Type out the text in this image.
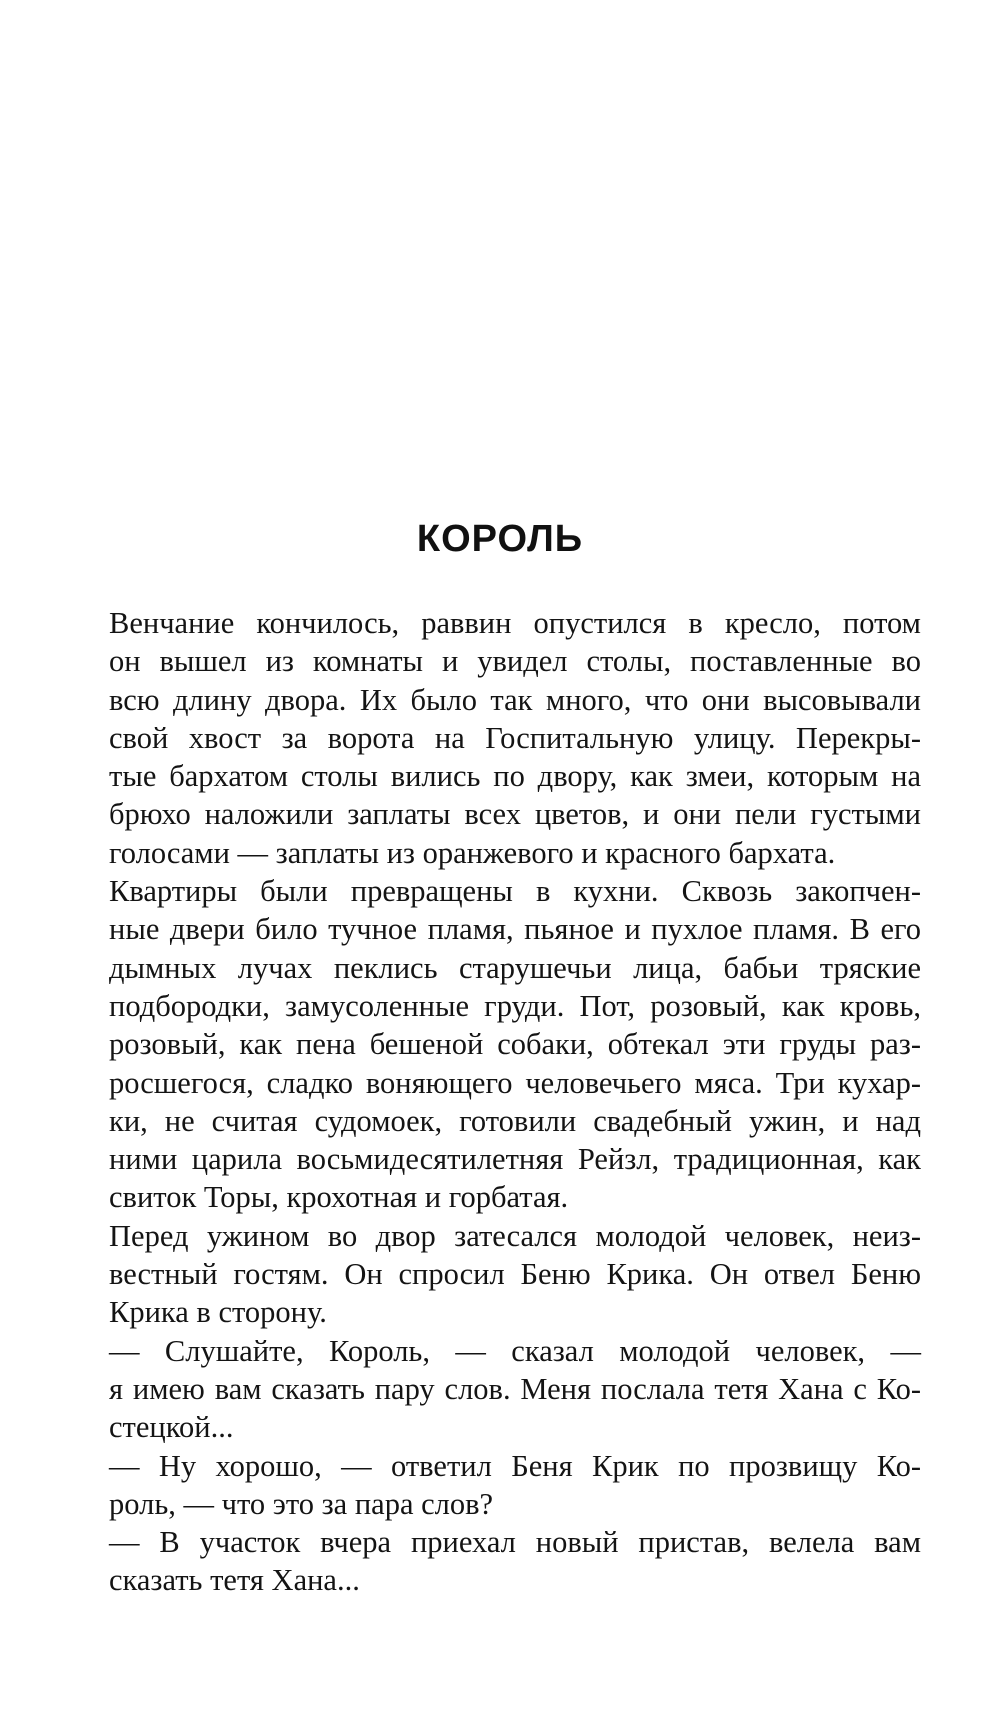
КОРОЛЬ
Венчание кончилось, раввин опустился в кресло, потом
он вышел из комнаты и увидел столы, поставленные во
всю длину двора. Их было так много, что они высовывали
свой хвост за ворота на Госпитальную улицу. Перекры-
тые бархатом столы вились по двору, как змеи, которым на
брюхо наложили заплаты всех цветов, и они пели густыми
голосами — заплаты из оранжевого и красного бархата.
Квартиры были превращены в кухни. Сквозь закопчен-
ные двери било тучное пламя, пьяное и пухлое пламя. В его
дымных лучах пеклись старушечьи лица, бабьи тряские
подбородки, замусоленные груди. Пот, розовый, как кровь,
розовый, как пена бешеной собаки, обтекал эти груды раз-
росшегося, сладко воняющего человечьего мяса. Три кухар-
ки, не считая судомоек, готовили свадебный ужин, и над
ними царила восьмидесятилетняя Рейзл, традиционная, как
свиток Торы, крохотная и горбатая.
Перед ужином во двор затесался молодой человек, неиз-
вестный гостям. Он спросил Беню Крика. Он отвел Беню
Крика в сторону.
— Слушайте, Король, — сказал молодой человек, —
я имею вам сказать пару слов. Меня послала тетя Хана с Ко-
стецкой...
— Ну хорошо, — ответил Беня Крик по прозвищу Ко-
роль, — что это за пара слов?
— В участок вчера приехал новый пристав, велела вам
сказать тетя Хана...
